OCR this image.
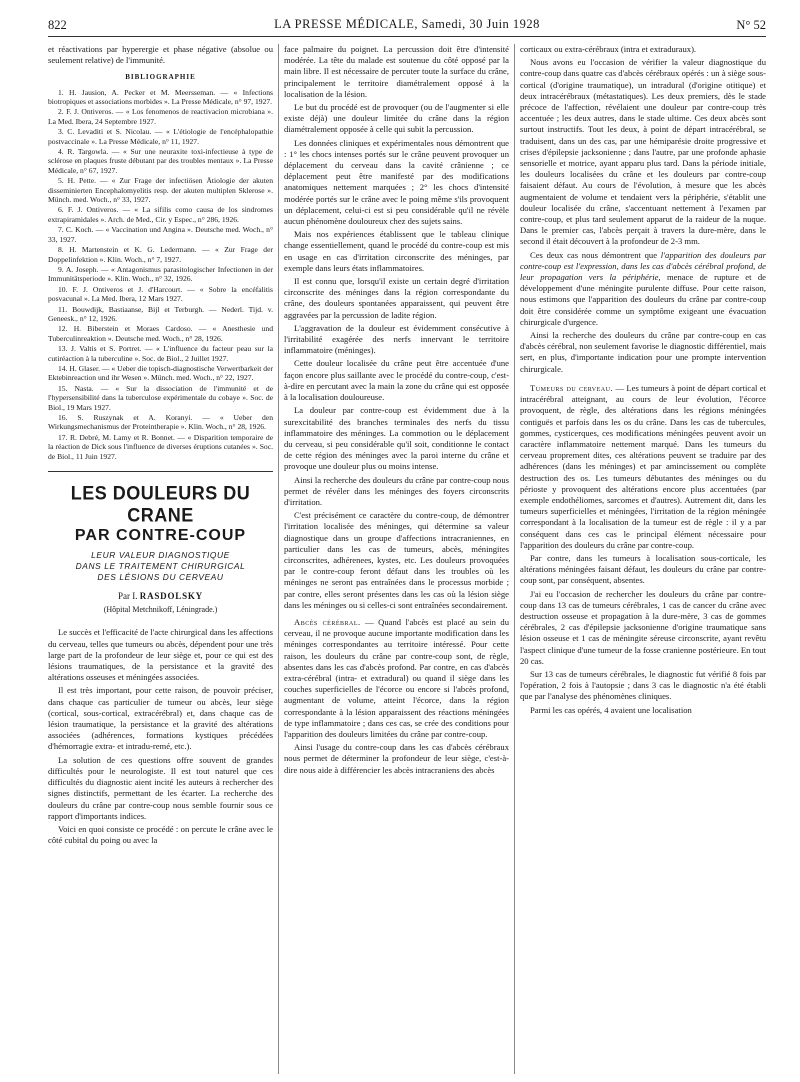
822	LA PRESSE MÉDICALE, Samedi, 30 Juin 1928	N° 52

et réactivations par hyperergie et phase négative (absolue ou seulement relative) de l'immunité.

BIBLIOGRAPHIE
1. H. Jausion, A. Pecker et M. Meersseman. — « Infections biotropiques et associations morbides ». La Presse Médicale, n° 97, 1927.
2. F. J. Ontiveros. — « Los fenomenos de reactivacion microbiana ». La Med. Ibera, 24 Septembre 1927.
3. C. Levaditi et S. Nicolau. — « L'étiologie de l'encéphalopathie postvaccinale ». La Presse Médicale, n° 11, 1927.
4. R. Targowla. — « Sur une neuraxite toxi-infectieuse à type de sclérose en plaques fruste débutant par des troubles mentaux ». La Presse Médicale, n° 67, 1927.
5. H. Pette. — « Zur Frage der infectiösen Ätiologie der akuten disseminierten Encephalomyelitis resp. der akuten multiplen Sklerose ». Münch. med. Woch., n° 33, 1927.
6. F. J. Ontiveros. — « La sifilis como causa de los sindromes extrapiramidales ». Arch. de Med., Cir. y Espec., n° 286, 1926.
7. C. Koch. — « Vaccination und Angina ». Deutsche med. Woch., n° 33, 1927.
8. H. Martenstein et K. G. Ledermann. — « Zur Frage der Doppelinfektion ». Klin. Woch., n° 7, 1927.
9. A. Joseph. — « Antagonismus parasitologischer Infectionen in der Immunitätsperiode ». Klin. Woch., n° 32, 1926.
10. F. J. Ontiveros et J. d'Harcourt. — « Sobre la encéfalitis posvacunal ». La Med. Ibera, 12 Mars 1927.
11. Bouwdijk, Bastiaanse, Bijl et Terburgh. — Nederl. Tijd. v. Geneesk., n° 12, 1926.
12. H. Biberstein et Moraes Cardoso. — « Anesthesie und Tuberculinreaktion ». Deutsche med. Woch., n° 28, 1926.
13. J. Valtis et S. Portret. — « L'influence du facteur peau sur la cutiréaction à la tuberculine ». Soc. de Biol., 2 Juillet 1927.
14. H. Glaser. — « Ueber die topisch-diagnostische Verwertbarkeit der Ektebinreaction und ihr Wesen ». Münch. med. Woch., n° 22, 1927.
15. Nasta. — « Sur la dissociation de l'immunité et de l'hypersensibilité dans la tuberculose expérimentale du cobaye ». Soc. de Biol., 19 Mars 1927.
16. S. Ruszynak et A. Koranyi. — « Ueber den Wirkungsmechanismus der Proteintherapie ». Klin. Woch., n° 28, 1926.
17. R. Debré, M. Lamy et R. Bonnet. — « Disparition temporaire de la réaction de Dick sous l'influence de diverses éruptions cutanées ». Soc. de Biol., 11 Juin 1927.
LES DOULEURS DU CRANE
PAR CONTRE-COUP
LEUR VALEUR DIAGNOSTIQUE
DANS LE TRAITEMENT CHIRURGICAL
DES LÉSIONS DU CERVEAU
Par I. RASDOLSKY
(Hôpital Metchnikoff, Léningrade.)

Le succès et l'efficacité de l'acte chirurgical dans les affections du cerveau, telles que tumeurs ou abcès, dépendent pour une très large part de la profondeur de leur siège et, pour ce qui est des lésions traumatiques, de la persistance et la gravité des altérations osseuses et méningées associées.

Il est très important, pour cette raison, de pouvoir préciser, dans chaque cas particulier de tumeur ou abcès, leur siège (cortical, sous-cortical, extracérébral) et, dans chaque cas de lésion traumatique, la persistance et la gravité des altérations associées (adhérences, formations kystiques précédées d'hémorragie extra- et intradu-remé, etc.).

La solution de ces questions offre souvent de grandes difficultés pour le neurologiste. Il est tout naturel que ces difficultés du diagnostic aient incité les auteurs à rechercher des signes distinctifs, permettant de les écarter. La recherche des douleurs du crâne par contre-coup nous semble fournir sous ce rapport d'importants indices.

Voici en quoi consiste ce procédé : on percute le crâne avec le côté cubital du poing ou avec la

face palmaire du poignet. La percussion doit être d'intensité modérée. La tête du malade est soutenue du côté opposé par la main libre. Il est nécessaire de percuter toute la surface du crâne, principalement le territoire diamétralement opposé à la localisation de la lésion.

Le but du procédé est de provoquer (ou de l'augmenter si elle existe déjà) une douleur limitée du crâne dans la région diamétralement opposée à celle qui subit la percussion.

Les données cliniques et expérimentales nous démontrent que : 1° les chocs intenses portés sur le crâne peuvent provoquer un déplacement du cerveau dans la cavité crânienne ; ce déplacement peut être manifesté par des modifications anatomiques nettement marquées ; 2° les chocs d'intensité modérée portés sur le crâne avec le poing même s'ils provoquent un déplacement, celui-ci est si peu considérable qu'il ne révèle aucun phénomène douloureux chez des sujets sains.

Mais nos expériences établissent que le tableau clinique change essentiellement, quand le procédé du contre-coup est mis en usage en cas d'irritation circonscrite des méninges, par exemple dans leurs états inflammatoires.

Il est connu que, lorsqu'il existe un certain degré d'irritation circonscrite des méninges dans la région correspondante du crâne, des douleurs spontanées apparaissent, qui peuvent être aggravées par la percussion de ladite région.

L'aggravation de la douleur est évidemment consécutive à l'irritabilité exagérée des nerfs innervant le territoire inflammatoire (méninges).

Cette douleur localisée du crâne peut être accentuée d'une façon encore plus saillante avec le procédé du contre-coup, c'est-à-dire en percutant avec la main la zone du crâne qui est opposée à la localisation douloureuse.

La douleur par contre-coup est évidemment due à la surexcitabilité des branches terminales des nerfs du tissu inflammatoire des méninges. La commotion ou le déplacement du cerveau, si peu considérable qu'il soit, conditionne le contact de cette région des méninges avec la paroi interne du crâne et provoque une douleur plus ou moins intense.

Ainsi la recherche des douleurs du crâne par contre-coup nous permet de révéler dans les méninges des foyers circonscrits d'irritation.

C'est précisément ce caractère du contre-coup, de démontrer l'irritation localisée des méninges, qui détermine sa valeur diagnostique dans un groupe d'affections intracraniennes, en particulier dans les cas de tumeurs, abcès, méningites circonscrites, adhérenees, kystes, etc. Les douleurs provoquées par le contre-coup feront défaut dans les troubles où les méninges ne seront pas entraînées dans le processus morbide ; par contre, elles seront présentes dans les cas où la lésion siège dans les méninges ou si celles-ci sont entraînées secondairement.

Abcès cérébral. — Quand l'abcès est placé au sein du cerveau, il ne provoque aucune importante modification dans les méninges correspondantes au territoire intéressé. Pour cette raison, les douleurs du crâne par contre-coup sont, de règle, absentes dans les cas d'abcès profond. Par contre, en cas d'abcès extra-cérébral (intra- et extradural) ou quand il siège dans les couches superficielles de l'écorce ou encore si l'abcès profond, augmentant de volume, atteint l'écorce, dans la région correspondante à la lésion apparaissent des réactions méningées de type inflammatoire ; dans ces cas, se crée des conditions pour l'apparition des douleurs limitées du crâne par contre-coup.

Ainsi l'usage du contre-coup dans les cas d'abcès cérébraux nous permet de déterminer la profondeur de leur siège, c'est-à-dire nous aide à différencier les abcès intracraniens des abcès

corticaux ou extra-cérébraux (intra et extraduraux).

Nous avons eu l'occasion de vérifier la valeur diagnostique du contre-coup dans quatre cas d'abcès cérébraux opérés : un à siège sous-cortical (d'origine traumatique), un intradural (d'origine otitique) et deux intracérébraux (métastatiques). Les deux premiers, dès le stade précoce de l'affection, révélaient une douleur par contre-coup très accentuée ; les deux autres, dans le stade ultime. Ces deux abcès sont surtout instructifs. Tout les deux, à point de départ intracérébral, se traduisent, dans un des cas, par une hémiparésie droite progressive et crises d'épilepsie jacksonienne ; dans l'autre, par une profonde aphasie sensorielle et motrice, ayant apparu plus tard. Dans la période initiale, les douleurs localisées du crâne et les douleurs par contre-coup faisaient défaut. Au cours de l'évolution, à mesure que les abcès augmentaient de volume et tendaient vers la périphérie, s'établit une douleur localisée du crâne, s'accentuant nettement à l'examen par contre-coup, et plus tard seulement apparut de la raideur de la nuque. Dans le premier cas, l'abcès perçait à travers la dure-mère, dans le second il était découvert à la profondeur de 2-3 mm.

Ces deux cas nous démontrent que l'apparition des douleurs par contre-coup est l'expression, dans les cas d'abcès cérébral profond, de leur propagation vers la périphérie, menace de rupture et de développement d'une méningite purulente diffuse. Pour cette raison, nous estimons que l'apparition des douleurs du crâne par contre-coup doit être considérée comme un symptôme exigeant une évacuation chirurgicale d'urgence.

Ainsi la recherche des douleurs du crâne par contre-coup en cas d'abcès cérébral, non seulement favorise le diagnostic différentiel, mais sert, en plus, d'importante indication pour une prompte intervention chirurgicale.

Tumeurs du cerveau. — Les tumeurs à point de départ cortical et intracérébral atteignant, au cours de leur évolution, l'écorce provoquent, de règle, des altérations dans les régions méningées contiguës et parfois dans les os du crâne. Dans les cas de tubercules, gommes, cysticerques, ces modifications méningées peuvent avoir un caractère inflammatoire nettement marqué. Dans les tumeurs du cerveau proprement dites, ces altérations peuvent se traduire par des adhérences (dans les méninges) et par amincissement ou complète destruction des os. Les tumeurs débutantes des méninges ou du périoste y provoquent des altérations encore plus accentuées (par exemple endothéliomes, sarcomes et d'autres). Autrement dit, dans les tumeurs superficielles et méningées, l'irritation de la région méningée correspondant à la localisation de la tumeur est de règle : il y a par conséquent dans ces cas le principal élément nécessaire pour l'apparition des douleurs du crâne par contre-coup.

Par contre, dans les tumeurs à localisation sous-corticale, les altérations méningées faisant défaut, les douleurs du crâne par contre-coup sont, par conséquent, absentes.

J'ai eu l'occasion de rechercher les douleurs du crâne par contre-coup dans 13 cas de tumeurs cérébrales, 1 cas de cancer du crâne avec destruction osseuse et propagation à la dure-mère, 3 cas de gommes cérébrales, 2 cas d'épilepsie jacksonienne d'origine traumatique sans lésion osseuse et 1 cas de méningite séreuse circonscrite, ayant revêtu l'aspect clinique d'une tumeur de la fosse cranienne postérieure. En tout 20 cas.

Sur 13 cas de tumeurs cérébrales, le diagnostic fut vérifié 8 fois par l'opération, 2 fois à l'autopsie ; dans 3 cas le diagnostic n'a été établi que par l'analyse des phénomènes cliniques.

Parmi les cas opérés, 4 avaient une localisation
